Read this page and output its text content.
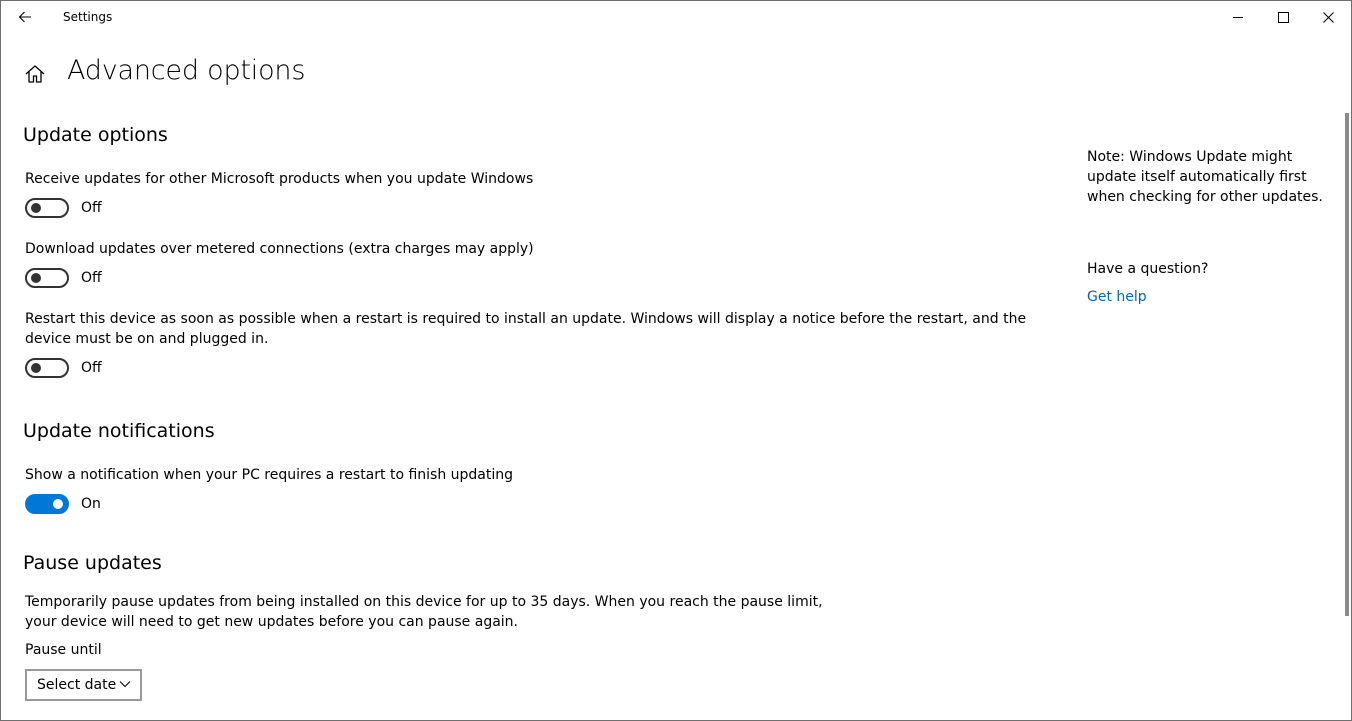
Settings
Advanced options
Update options
Receive updates for other Microsoft products when you update Windows
Off
Download updates over metered connections (extra charges may apply)
Off
Restart this device as soon as possible when a restart is required to install an update. Windows will display a notice before the restart, and the device must be on and plugged in.
Off
Update notifications
Show a notification when your PC requires a restart to finish updating
On
Pause updates
Temporarily pause updates from being installed on this device for up to 35 days. When you reach the pause limit, your device will need to get new updates before you can pause again.
Pause until
Select date
Note: Windows Update might update itself automatically first when checking for other updates.
Have a question?
Get help
